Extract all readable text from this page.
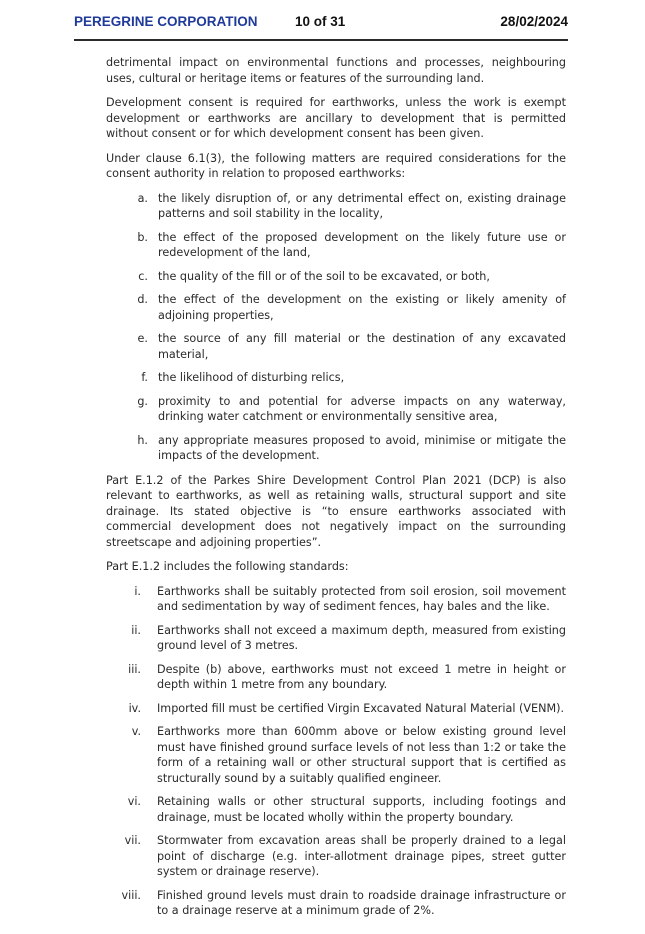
PEREGRINE CORPORATION	10 of 31	28/02/2024

detrimental impact on environmental functions and processes, neighbouring uses, cultural or heritage items or features of the surrounding land.

Development consent is required for earthworks, unless the work is exempt development or earthworks are ancillary to development that is permitted without consent or for which development consent has been given.

Under clause 6.1(3), the following matters are required considerations for the consent authority in relation to proposed earthworks:

a. the likely disruption of, or any detrimental effect on, existing drainage patterns and soil stability in the locality,
b. the effect of the proposed development on the likely future use or redevelopment of the land,
c. the quality of the fill or of the soil to be excavated, or both,
d. the effect of the development on the existing or likely amenity of adjoining properties,
e. the source of any fill material or the destination of any excavated material,
f. the likelihood of disturbing relics,
g. proximity to and potential for adverse impacts on any waterway, drinking water catchment or environmentally sensitive area,
h. any appropriate measures proposed to avoid, minimise or mitigate the impacts of the development.

Part E.1.2 of the Parkes Shire Development Control Plan 2021 (DCP) is also relevant to earthworks, as well as retaining walls, structural support and site drainage. Its stated objective is “to ensure earthworks associated with commercial development does not negatively impact on the surrounding streetscape and adjoining properties”.

Part E.1.2 includes the following standards:

i.	Earthworks shall be suitably protected from soil erosion, soil movement and sedimentation by way of sediment fences, hay bales and the like.
ii.	Earthworks shall not exceed a maximum depth, measured from existing ground level of 3 metres.
iii.	Despite (b) above, earthworks must not exceed 1 metre in height or depth within 1 metre from any boundary.
iv.	Imported fill must be certified Virgin Excavated Natural Material (VENM).
v.	Earthworks more than 600mm above or below existing ground level must have finished ground surface levels of not less than 1:2 or take the form of a retaining wall or other structural support that is certified as structurally sound by a suitably qualified engineer.
vi.	Retaining walls or other structural supports, including footings and drainage, must be located wholly within the property boundary.
vii.	Stormwater from excavation areas shall be properly drained to a legal point of discharge (e.g. inter-allotment drainage pipes, street gutter system or drainage reserve).
viii.	Finished ground levels must drain to roadside drainage infrastructure or to a drainage reserve at a minimum grade of 2%.
